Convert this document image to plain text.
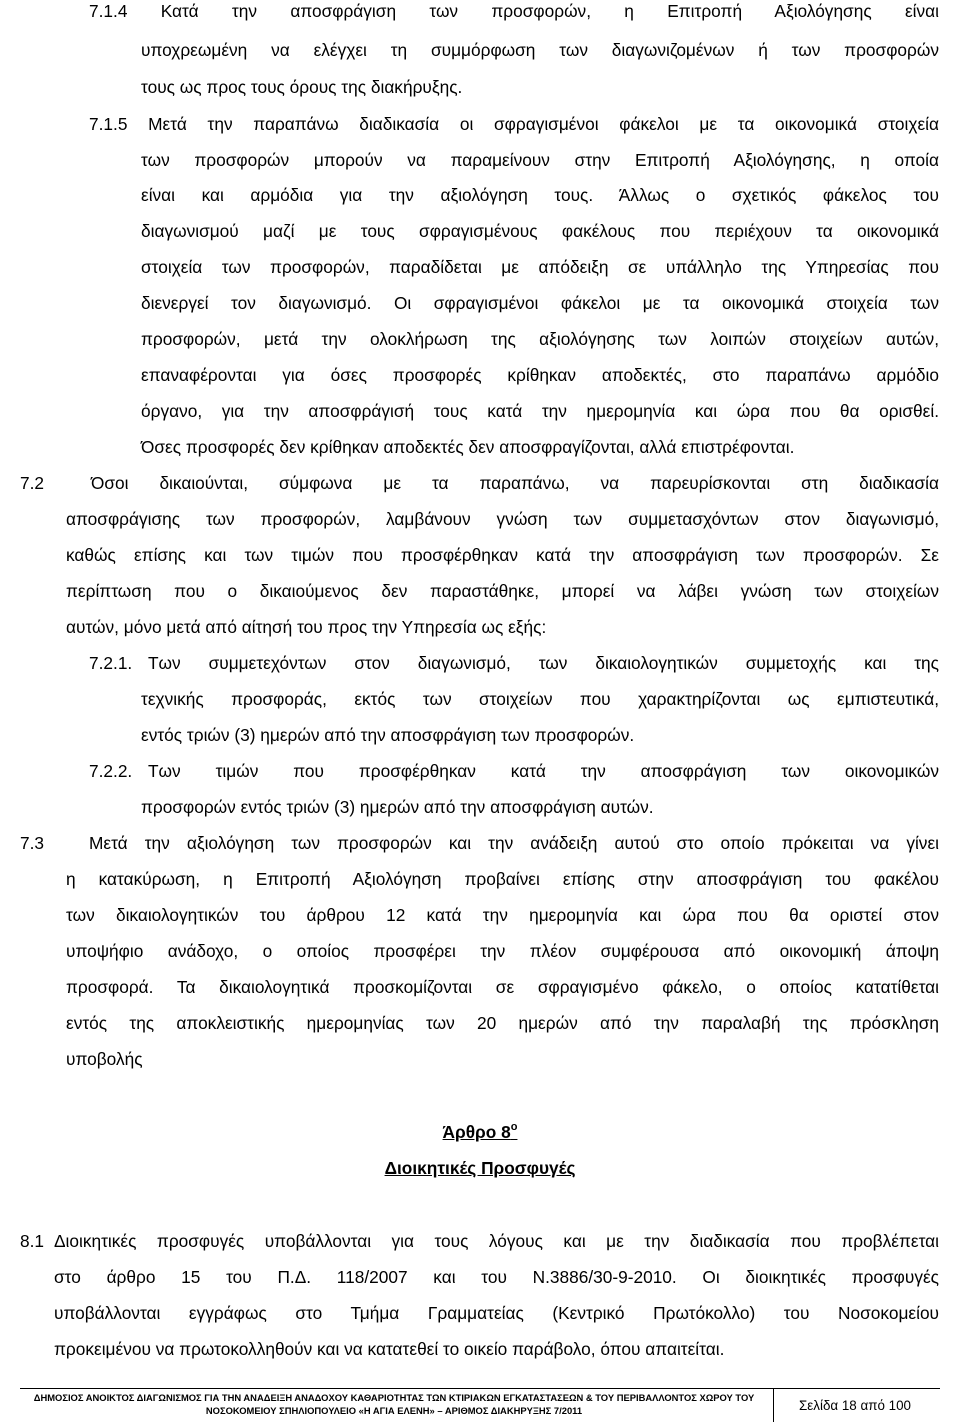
7.1.4 Κατά την αποσφράγιση των προσφορών, η Επιτροπή Αξιολόγησης είναι
υποχρεωμένη να ελέγχει τη συμμόρφωση των διαγωνιζομένων ή των προσφορών
τους ως προς τους όρους της διακήρυξης.
7.1.5 Μετά την παραπάνω διαδικασία οι σφραγισμένοι φάκελοι με τα οικονομικά στοιχεία
των προσφορών μπορούν να παραμείνουν στην Επιτροπή Αξιολόγησης, η οποία
είναι και αρμόδια για την αξιολόγηση τους. Άλλως ο σχετικός φάκελος του
διαγωνισμού μαζί με τους σφραγισμένους φακέλους που περιέχουν τα οικονομικά
στοιχεία των προσφορών, παραδίδεται με απόδειξη σε υπάλληλο της Υπηρεσίας που
διενεργεί τον διαγωνισμό. Οι σφραγισμένοι φάκελοι με τα οικονομικά στοιχεία των
προσφορών, μετά την ολοκλήρωση της αξιολόγησης των λοιπών στοιχείων αυτών,
επαναφέρονται για όσες προσφορές κρίθηκαν αποδεκτές, στο παραπάνω αρμόδιο
όργανο, για την αποσφράγισή τους κατά την ημερομηνία και ώρα που θα ορισθεί.
Όσες προσφορές δεν κρίθηκαν αποδεκτές δεν αποσφραγίζονται, αλλά επιστρέφονται.
7.2	Όσοι δικαιούνται, σύμφωνα με τα παραπάνω, να παρευρίσκονται στη διαδικασία
αποσφράγισης των προσφορών, λαμβάνουν γνώση των συμμετασχόντων στον διαγωνισμό,
καθώς επίσης και των τιμών που προσφέρθηκαν κατά την αποσφράγιση των προσφορών. Σε
περίπτωση που ο δικαιούμενος δεν παραστάθηκε, μπορεί να λάβει γνώση των στοιχείων
αυτών, μόνο μετά από αίτησή του προς την Υπηρεσία ως εξής:
7.2.1. Των συμμετεχόντων στον διαγωνισμό, των δικαιολογητικών συμμετοχής και της
τεχνικής προσφοράς, εκτός των στοιχείων που χαρακτηρίζονται ως εμπιστευτικά,
εντός τριών (3) ημερών από την αποσφράγιση των προσφορών.
7.2.2. Των τιμών που προσφέρθηκαν κατά την αποσφράγιση των οικονομικών
προσφορών εντός τριών (3) ημερών από την αποσφράγιση αυτών.
7.3	Μετά την αξιολόγηση των προσφορών και την ανάδειξη αυτού στο οποίο πρόκειται να γίνει
η κατακύρωση, η Επιτροπή Αξιολόγηση προβαίνει επίσης στην αποσφράγιση του φακέλου
των δικαιολογητικών του άρθρου 12 κατά την ημερομηνία και ώρα που θα οριστεί στον
υποψήφιο ανάδοχο, ο οποίος προσφέρει την πλέον συμφέρουσα από οικονομική άποψη
προσφορά. Τα δικαιολογητικά προσκομίζονται σε σφραγισμένο φάκελο, ο οποίος κατατίθεται
εντός της αποκλειστικής ημερομηνίας των 20 ημερών από την παραλαβή της πρόσκληση
υποβολής
Άρθρο $8^o$
Διοικητικές Προσφυγές
8.1 Διοικητικές προσφυγές υποβάλλονται για τους λόγους και με την διαδικασία που προβλέπεται
στο άρθρο 15 του Π.Δ. 118/2007 και του Ν.3886/30-9-2010. Οι διοικητικές προσφυγές
υποβάλλονται εγγράφως στο Τμήμα Γραμματείας (Κεντρικό Πρωτόκολλο) του Νοσοκομείου
προκειμένου να πρωτοκολληθούν και να κατατεθεί το οικείο παράβολο, όπου απαιτείται.
ΔΗΜΟΣΙΟΣ ΑΝΟΙΚΤΟΣ ΔΙΑΓΩΝΙΣΜΟΣ ΓΙΑ ΤΗΝ ΑΝΑΔΕΙΞΗ ΑΝΑΔΟΧΟΥ ΚΑΘΑΡΙΟΤΗΤΑΣ ΤΩΝ ΚΤΙΡΙΑΚΩΝ ΕΓΚΑΤΑΣΤΑΣΕΩΝ & ΤΟΥ ΠΕΡΙΒΑΛΛΟΝΤΟΣ ΧΩΡΟΥ ΤΟΥ
ΝΟΣΟΚΟΜΕΙΟΥ ΣΠΗΛΙΟΠΟΥΛΕΙΟ «Η ΑΓΙΑ ΕΛΕΝΗ» – ΑΡΙΘΜΟΣ ΔΙΑΚΗΡΥΞΗΣ 7/2011	Σελίδα 18 από 100
